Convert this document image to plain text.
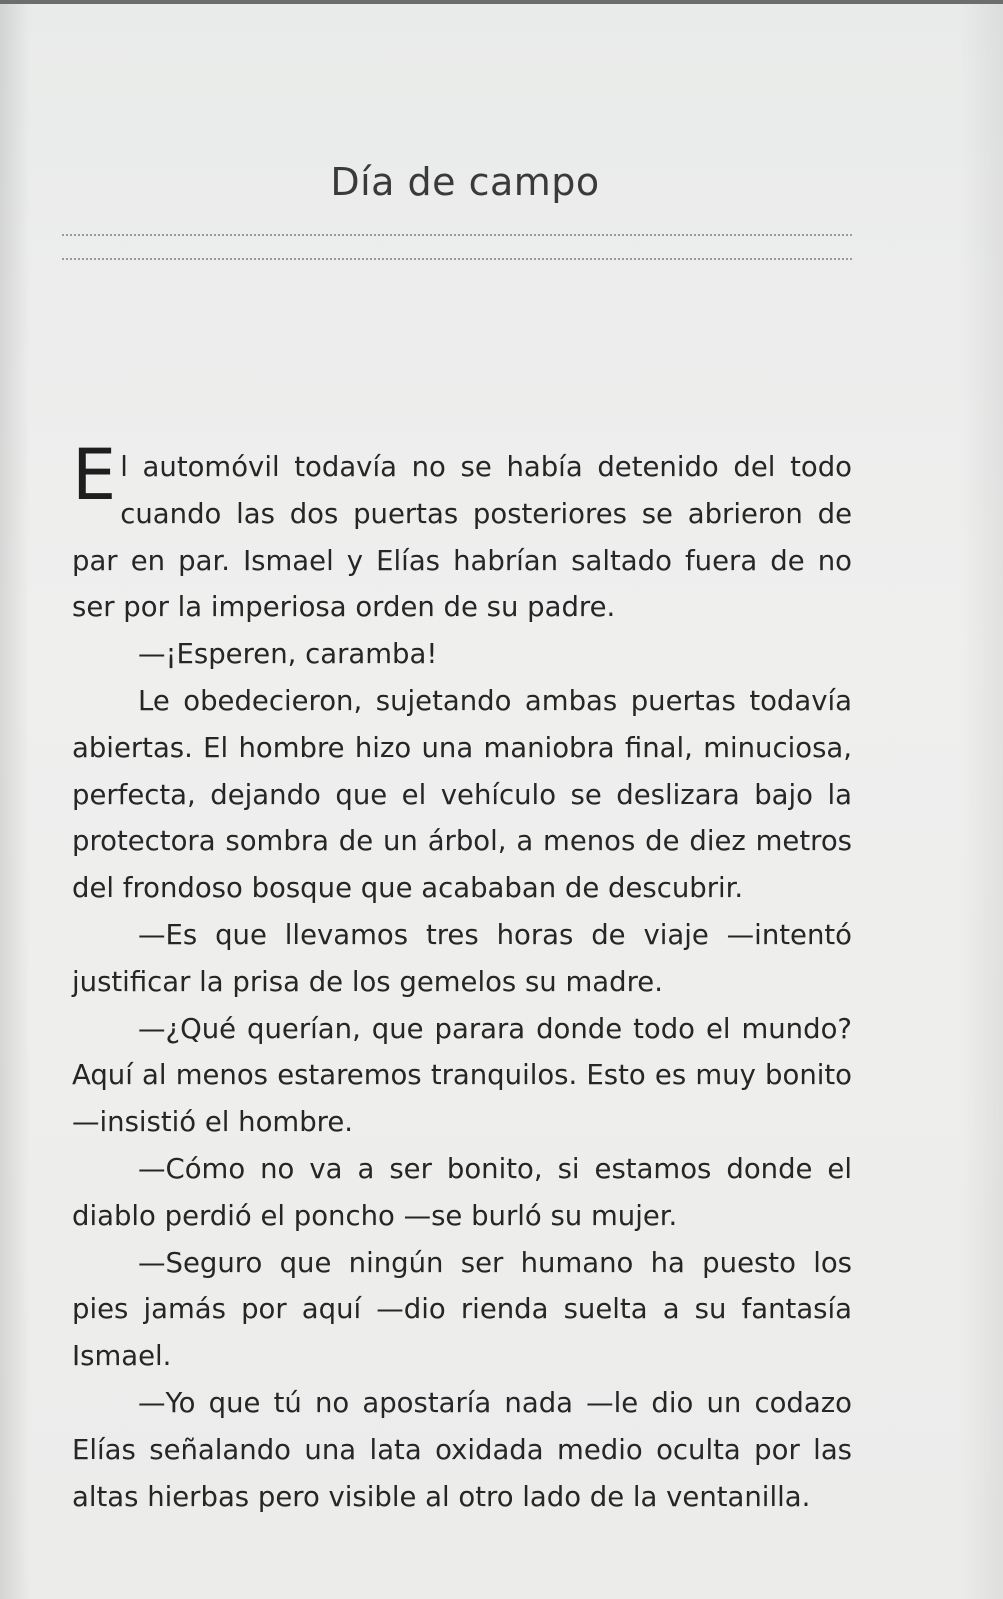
Día de campo

El automóvil todavía no se había detenido del todo cuando las dos puertas posteriores se abrieron de par en par. Ismael y Elías habrían saltado fuera de no ser por la imperiosa orden de su padre.

—¡Esperen, caramba!

Le obedecieron, sujetando ambas puertas todavía abiertas. El hombre hizo una maniobra final, minuciosa, perfecta, dejando que el vehículo se deslizara bajo la protectora sombra de un árbol, a menos de diez metros del frondoso bosque que acababan de descubrir.

—Es que llevamos tres horas de viaje —intentó justificar la prisa de los gemelos su madre.

—¿Qué querían, que parara donde todo el mundo? Aquí al menos estaremos tranquilos. Esto es muy bonito —insistió el hombre.

—Cómo no va a ser bonito, si estamos donde el diablo perdió el poncho —se burló su mujer.

—Seguro que ningún ser humano ha puesto los pies jamás por aquí —dio rienda suelta a su fantasía Ismael.

—Yo que tú no apostaría nada —le dio un codazo Elías señalando una lata oxidada medio oculta por las altas hierbas pero visible al otro lado de la ventanilla.
